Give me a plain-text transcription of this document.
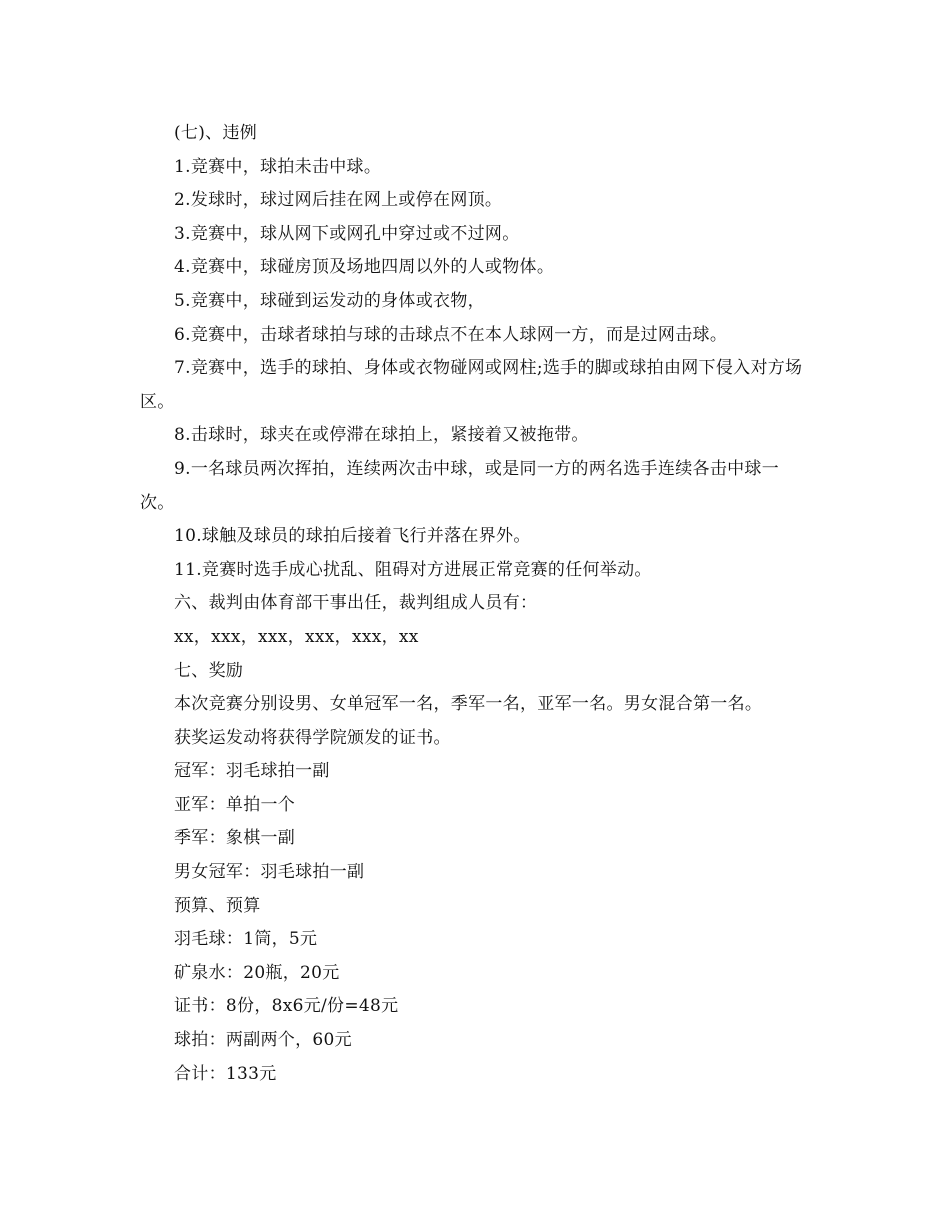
(七)、违例

1.竞赛中，球拍未击中球。

2.发球时，球过网后挂在网上或停在网顶。

3.竞赛中，球从网下或网孔中穿过或不过网。

4.竞赛中，球碰房顶及场地四周以外的人或物体。

5.竞赛中，球碰到运发动的身体或衣物，

6.竞赛中，击球者球拍与球的击球点不在本人球网一方，而是过网击球。

7.竞赛中，选手的球拍、身体或衣物碰网或网柱;选手的脚或球拍由网下侵入对方场区。

8.击球时，球夹在或停滞在球拍上，紧接着又被拖带。

9.一名球员两次挥拍，连续两次击中球，或是同一方的两名选手连续各击中球一次。

10.球触及球员的球拍后接着飞行并落在界外。

11.竞赛时选手成心扰乱、阻碍对方进展正常竞赛的任何举动。

六、裁判由体育部干事出任，裁判组成人员有：

xx，xxx，xxx，xxx，xxx，xx

七、奖励

本次竞赛分别设男、女单冠军一名，季军一名，亚军一名。男女混合第一名。

获奖运发动将获得学院颁发的证书。

冠军：羽毛球拍一副

亚军：单拍一个

季军：象棋一副

男女冠军：羽毛球拍一副

预算、预算

羽毛球：1筒，5元

矿泉水：20瓶，20元

证书：8份，8x6元/份=48元

球拍：两副两个，60元

合计：133元
